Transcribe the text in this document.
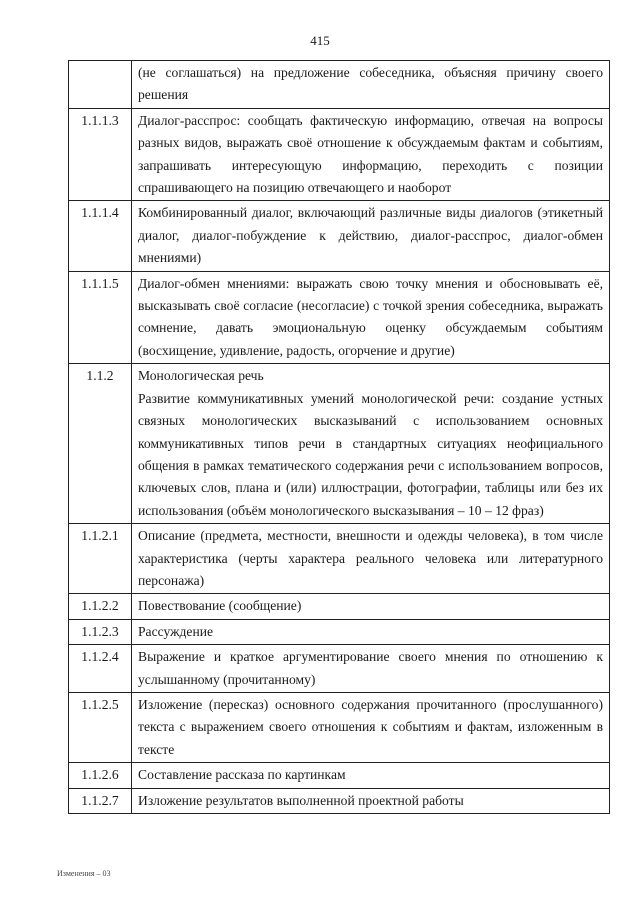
415

	(не соглашаться) на предложение собеседника, объясняя причину своего решения

1.1.1.3	Диалог-расспрос: сообщать фактическую информацию, отвечая на вопросы разных видов, выражать своё отношение к обсуждаемым фактам и событиям, запрашивать интересующую информацию, переходить с позиции спрашивающего на позицию отвечающего и наоборот

1.1.1.4	Комбинированный диалог, включающий различные виды диалогов (этикетный диалог, диалог-побуждение к действию, диалог-расспрос, диалог-обмен мнениями)

1.1.1.5	Диалог-обмен мнениями: выражать свою точку мнения и обосновывать её, высказывать своё согласие (несогласие) с точкой зрения собеседника, выражать сомнение, давать эмоциональную оценку обсуждаемым событиям (восхищение, удивление, радость, огорчение и другие)

1.1.2	Монологическая речь
Развитие коммуникативных умений монологической речи: создание устных связных монологических высказываний с использованием основных коммуникативных типов речи в стандартных ситуациях неофициального общения в рамках тематического содержания речи с использованием вопросов, ключевых слов, плана и (или) иллюстрации, фотографии, таблицы или без их использования (объём монологического высказывания – 10 – 12 фраз)

1.1.2.1	Описание (предмета, местности, внешности и одежды человека), в том числе характеристика (черты характера реального человека или литературного персонажа)

1.1.2.2	Повествование (сообщение)

1.1.2.3	Рассуждение

1.1.2.4	Выражение и краткое аргументирование своего мнения по отношению к услышанному (прочитанному)

1.1.2.5	Изложение (пересказ) основного содержания прочитанного (прослушанного) текста с выражением своего отношения к событиям и фактам, изложенным в тексте

1.1.2.6	Составление рассказа по картинкам

1.1.2.7	Изложение результатов выполненной проектной работы
Изменения – 03
